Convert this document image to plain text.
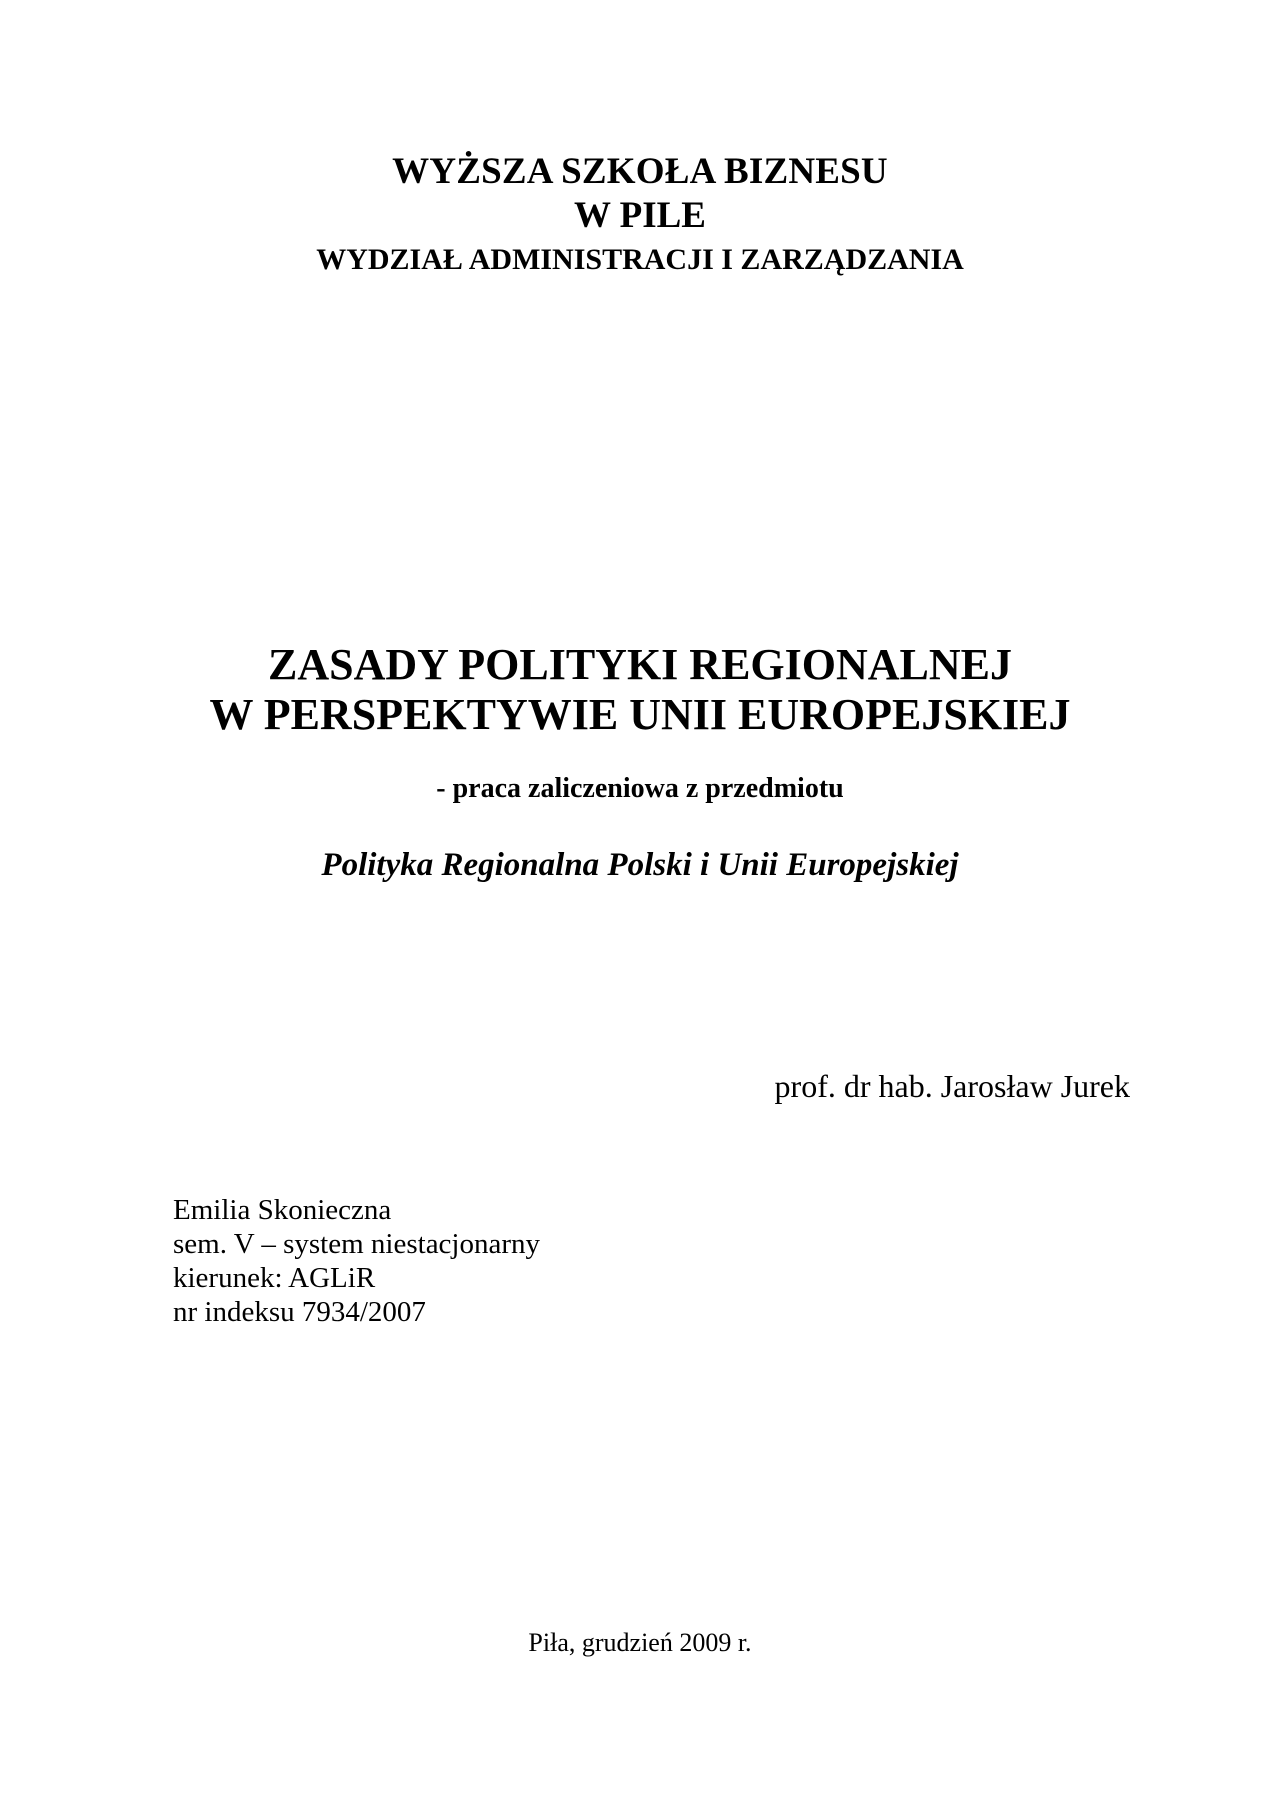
WYŻSZA SZKOŁA BIZNESU
W PILE
WYDZIAŁ ADMINISTRACJI I ZARZĄDZANIA
ZASADY POLITYKI REGIONALNEJ
W PERSPEKTYWIE UNII EUROPEJSKIEJ
- praca zaliczeniowa z przedmiotu
Polityka Regionalna Polski i Unii Europejskiej
prof. dr hab. Jarosław Jurek
Emilia Skonieczna
sem. V – system niestacjonarny
kierunek: AGLiR
nr indeksu 7934/2007
Piła, grudzień 2009 r.
